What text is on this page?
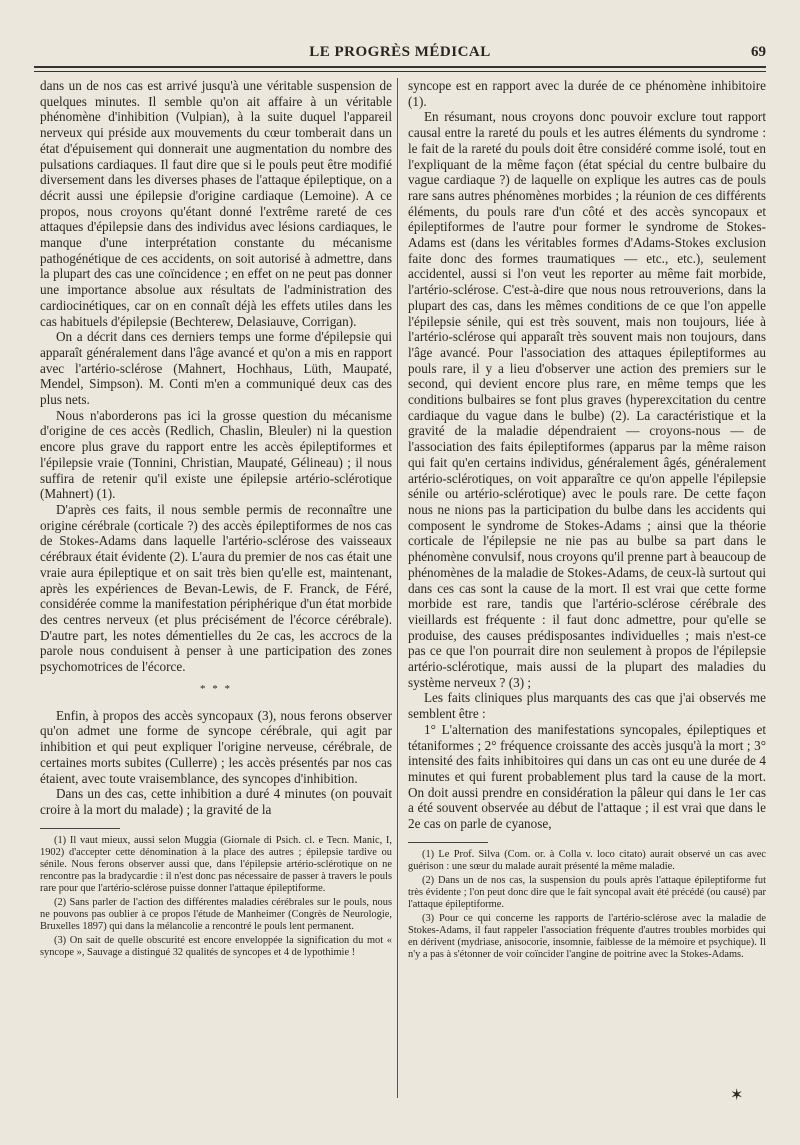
LE PROGRÈS MÉDICAL	69

dans un de nos cas est arrivé jusqu'à une véritable suspension de quelques minutes. Il semble qu'on ait affaire à un véritable phénomène d'inhibition (Vulpian), à la suite duquel l'appareil nerveux qui préside aux mouvements du cœur tomberait dans un état d'épuisement qui donnerait une augmentation du nombre des pulsations cardiaques. Il faut dire que si le pouls peut être modifié diversement dans les diverses phases de l'attaque épileptique, on a décrit aussi une épilepsie d'origine cardiaque (Lemoine). A ce propos, nous croyons qu'étant donné l'extrême rareté de ces attaques d'épilepsie dans des individus avec lésions cardiaques, le manque d'une interprétation constante du mécanisme pathogénétique de ces accidents, on soit autorisé à admettre, dans la plupart des cas une coïncidence ; en effet on ne peut pas donner une importance absolue aux résultats de l'administration des cardiocinétiques, car on en connaît déjà les effets utiles dans les cas habituels d'épilepsie (Bechterew, Delasiauve, Corrigan).

On a décrit dans ces derniers temps une forme d'épilepsie qui apparaît généralement dans l'âge avancé et qu'on a mis en rapport avec l'artério-sclérose (Mahnert, Hochhaus, Lüth, Maupaté, Mendel, Simpson). M. Conti m'en a communiqué deux cas des plus nets.

Nous n'aborderons pas ici la grosse question du mécanisme d'origine de ces accès (Redlich, Chaslin, Bleuler) ni la question encore plus grave du rapport entre les accès épileptiformes et l'épilepsie vraie (Tonnini, Christian, Maupaté, Gélineau) ; il nous suffira de retenir qu'il existe une épilepsie artério-sclérotique (Mahnert) (1).

D'après ces faits, il nous semble permis de reconnaître une origine cérébrale (corticale ?) des accès épileptiformes de nos cas de Stokes-Adams dans laquelle l'artério-sclérose des vaisseaux cérébraux était évidente (2). L'aura du premier de nos cas était une vraie aura épileptique et on sait très bien qu'elle est, maintenant, après les expériences de Bevan-Lewis, de F. Franck, de Féré, considérée comme la manifestation périphérique d'un état morbide des centres nerveux (et plus précisément de l'écorce cérébrale). D'autre part, les notes démentielles du 2e cas, les accrocs de la parole nous conduisent à penser à une participation des zones psychomotrices de l'écorce.

* * *

Enfin, à propos des accès syncopaux (3), nous ferons observer qu'on admet une forme de syncope cérébrale, qui agit par inhibition et qui peut expliquer l'origine nerveuse, cérébrale, de certaines morts subites (Cullerre) ; les accès présentés par nos cas étaient, avec toute vraisemblance, des syncopes d'inhibition.

Dans un des cas, cette inhibition a duré 4 minutes (on pouvait croire à la mort du malade) ; la gravité de la

(1) Il vaut mieux, aussi selon Muggia (Giornale di Psich. cl. e Tecn. Manic, I, 1902) d'accepter cette dénomination à la place des autres ; épilepsie tardive ou sénile. Nous ferons observer aussi que, dans l'épilepsie artério-sclérotique on ne rencontre pas la bradycardie : il n'est donc pas nécessaire de passer à travers le pouls rare pour que l'artério-sclérose puisse donner l'attaque épileptiforme.

(2) Sans parler de l'action des différentes maladies cérébrales sur le pouls, nous ne pouvons pas oublier à ce propos l'étude de Manheimer (Congrès de Neurologie, Bruxelles 1897) qui dans la mélancolie a rencontré le pouls lent permanent.

(3) On sait de quelle obscurité est encore enveloppée la signification du mot « syncope », Sauvage a distingué 32 qualités de syncopes et 4 de lypothimie !

syncope est en rapport avec la durée de ce phénomène inhibitoire (1).

En résumant, nous croyons donc pouvoir exclure tout rapport causal entre la rareté du pouls et les autres éléments du syndrome : le fait de la rareté du pouls doit être considéré comme isolé, tout en l'expliquant de la même façon (état spécial du centre bulbaire du vague cardiaque ?) de laquelle on explique les autres cas de pouls rare sans autres phénomènes morbides ; la réunion de ces différents éléments, du pouls rare d'un côté et des accès syncopaux et épileptiformes de l'autre pour former le syndrome de Stokes-Adams est (dans les véritables formes d'Adams-Stokes exclusion faite donc des formes traumatiques — etc., etc.), seulement accidentel, aussi si l'on veut les reporter au même fait morbide, l'artério-sclérose. C'est-à-dire que nous nous retrouverions, dans la plupart des cas, dans les mêmes conditions de ce que l'on appelle l'épilepsie sénile, qui est très souvent, mais non toujours, liée à l'artério-sclérose qui apparaît très souvent mais non toujours, dans l'âge avancé. Pour l'association des attaques épileptiformes au pouls rare, il y a lieu d'observer une action des premiers sur le second, qui devient encore plus rare, en même temps que les conditions bulbaires se font plus graves (hyperexcitation du centre cardiaque du vague dans le bulbe) (2). La caractéristique et la gravité de la maladie dépendraient — croyons-nous — de l'association des faits épileptiformes (apparus par la même raison qui fait qu'en certains individus, généralement âgés, généralement artério-sclérotiques, on voit apparaître ce qu'on appelle l'épilepsie sénile ou artério-sclérotique) avec le pouls rare. De cette façon nous ne nions pas la participation du bulbe dans les accidents qui composent le syndrome de Stokes-Adams ; ainsi que la théorie corticale de l'épilepsie ne nie pas au bulbe sa part dans le phénomène convulsif, nous croyons qu'il prenne part à beaucoup de phénomènes de la maladie de Stokes-Adams, de ceux-là surtout qui dans ces cas sont la cause de la mort. Il est vrai que cette forme morbide est rare, tandis que l'artério-sclérose cérébrale des vieillards est fréquente : il faut donc admettre, pour qu'elle se produise, des causes prédisposantes individuelles ; mais n'est-ce pas ce que l'on pourrait dire non seulement à propos de l'épilepsie artério-sclérotique, mais aussi de la plupart des maladies du système nerveux ? (3) ;

Les faits cliniques plus marquants des cas que j'ai observés me semblent être :

1° L'alternation des manifestations syncopales, épileptiques et tétaniformes ; 2° fréquence croissante des accès jusqu'à la mort ; 3° intensité des faits inhibitoires qui dans un cas ont eu une durée de 4 minutes et qui furent probablement plus tard la cause de la mort. On doit aussi prendre en considération la pâleur qui dans le 1er cas a été souvent observée au début de l'attaque ; il est vrai que dans le 2e cas on parle de cyanose,

(1) Le Prof. Silva (Com. or. à Colla v. loco citato) aurait observé un cas avec guérison : une sœur du malade aurait présenté la même maladie.

(2) Dans un de nos cas, la suspension du pouls après l'attaque épileptiforme fut très évidente ; l'on peut donc dire que le fait syncopal avait été précédé (ou causé) par l'attaque épileptiforme.

(3) Pour ce qui concerne les rapports de l'artério-sclérose avec la maladie de Stokes-Adams, il faut rappeler l'association fréquente d'autres troubles morbides qui en dérivent (mydriase, anisocorie, insomnie, faiblesse de la mémoire et psychique). Il n'y a pas à s'étonner de voir coïncider l'angine de poitrine avec la Stokes-Adams.

✶
